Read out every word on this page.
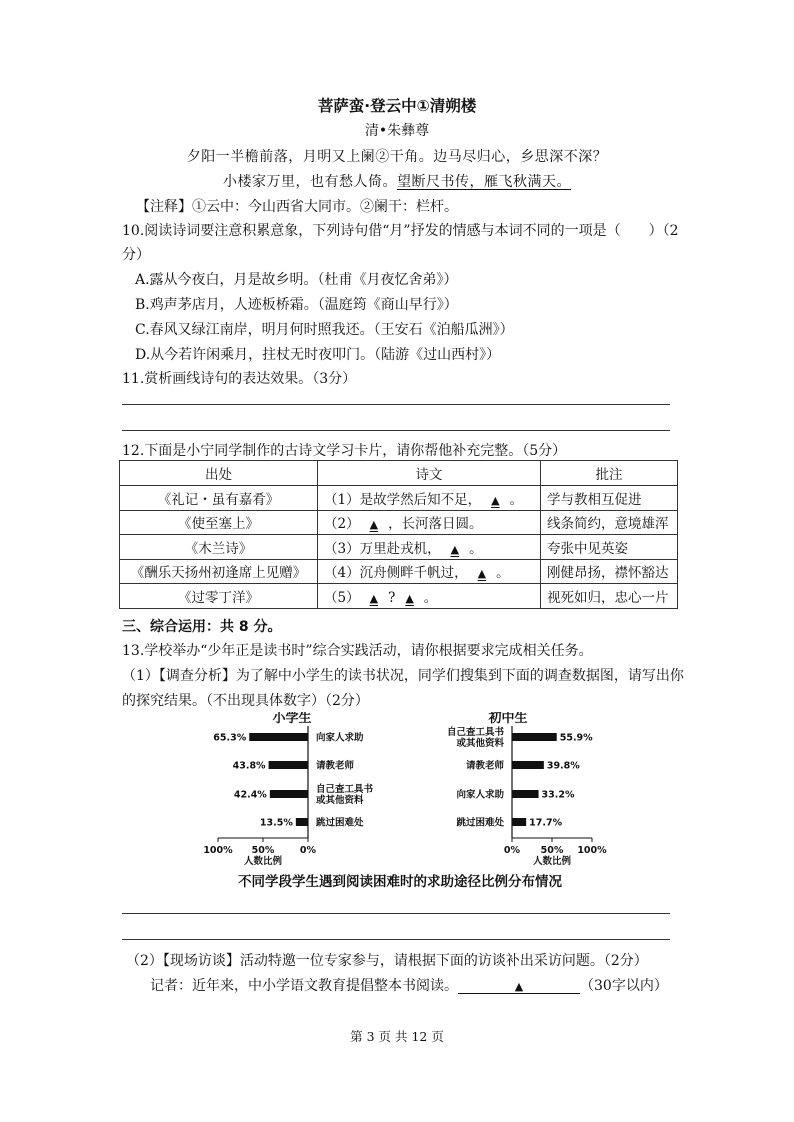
菩萨蛮·登云中①清朔楼
清•朱彝尊
夕阳一半檐前落，月明又上阑②干角。边马尽归心，乡思深不深？
小楼家万里，也有愁人倚。望断尺书传，雁飞秋满天。
【注释】①云中：今山西省大同市。②阑干：栏杆。
10.阅读诗词要注意积累意象，下列诗句借“月”抒发的情感与本词不同的一项是（　　）（2
分）
A.露从今夜白，月是故乡明。（杜甫《月夜忆舍弟》）
B.鸡声茅店月，人迹板桥霜。（温庭筠《商山早行》）
C.春风又绿江南岸，明月何时照我还。（王安石《泊船瓜洲》）
D.从今若许闲乘月，拄杖无时夜叩门。（陆游《过山西村》）
11.赏析画线诗句的表达效果。（3分）
12.下面是小宁同学制作的古诗文学习卡片，请你帮他补充完整。（5分）
出处	诗文	批注
《礼记・虽有嘉肴》	（1）是故学然后知不足， ▲ 。	学与教相互促进
《使至塞上》	（2） ▲ ，长河落日圆。	线条简约，意境雄浑
《木兰诗》	（3）万里赴戎机， ▲ 。	夸张中见英姿
《酬乐天扬州初逢席上见赠》	（4）沉舟侧畔千帆过， ▲ 。	刚健昂扬，襟怀豁达
《过零丁洋》	（5） ▲ ? ▲ 。	视死如归，忠心一片
三、综合运用：共 8 分。
13.学校举办“少年正是读书时”综合实践活动，请你根据要求完成相关任务。
（1）【调查分析】为了解中小学生的读书状况，同学们搜集到下面的调查数据图，请写出你
的探究结果。（不出现具体数字）（2分）
小学生
100% 50%	0%
人数比例
65.3%	向家人求助
43.8%	请教老师
42.4%	自己查工具书
或其他资料
13.5% 跳过困难处
初中生
0% 50% 100%
人数比例
55.9%
自己查工具书
或其他资料
39.8%
请教老师
33.2%
向家人求助
17.7%
跳过困难处
不同学段学生遇到阅读困难时的求助途径比例分布情况
（2）【现场访谈】活动特邀一位专家参与，请根据下面的访谈补出采访问题。（2分）
记者：近年来，中小学语文教育提倡整本书阅读。	▲	（30字以内）
第 3 页 共 12 页
